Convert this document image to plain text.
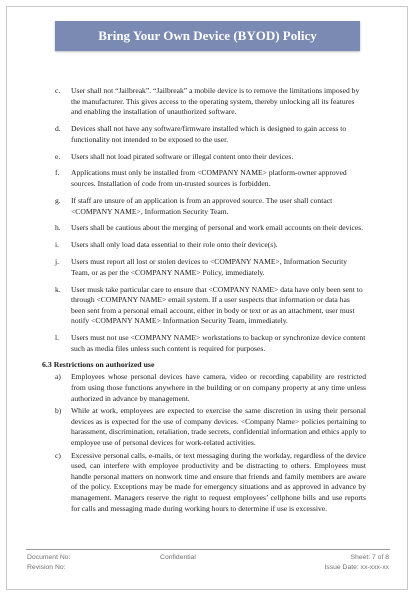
Bring Your Own Device (BYOD) Policy
c.	User shall not “Jailbreak”. “Jailbreak” a mobile device is to remove the limitations imposed by the manufacturer. This gives access to the operating system, thereby unlocking all its features and enabling the installation of unauthorized software.
d.	Devices shall not have any software/firmware installed which is designed to gain access to functionality not intended to be exposed to the user.
e.	Users shall not load pirated software or illegal content onto their devices.
f.	Applications must only be installed from <COMPANY NAME> platform-owner approved sources. Installation of code from un-trusted sources is forbidden.
g.	If staff are unsure of an application is from an approved source. The user shall contact <COMPANY NAME>, Information Security Team.
h.	Users shall be cautious about the merging of personal and work email accounts on their devices.
i.	Users shall only load data essential to their role onto their device(s).
j.	Users must report all lost or stolen devices to <COMPANY NAME>, Information Security Team, or as per the <COMPANY NAME> Policy, immediately.
k.	User musk take particular care to ensure that <COMPANY NAME> data have only been sent to through <COMPANY NAME> email system. If a user suspects that information or data has been sent from a personal email account, either in body or text or as an attachment, user must notify <COMPANY NAME> Information Security Team, immediately.
l.	Users must not use <COMPANY NAME> workstations to backup or synchronize device content such as media files unless such content is required for purposes.
6.3 Restrictions on authorized use
a)	Employees whose personal devices have camera, video or recording capability are restricted from using those functions anywhere in the building or on company property at any time unless authorized in advance by management.
b)	While at work, employees are expected to exercise the same discretion in using their personal devices as is expected for the use of company devices. <Company Name> policies pertaining to harassment, discrimination, retaliation, trade secrets, confidential information and ethics apply to employee use of personal devices for work-related activities.
c)	Excessive personal calls, e-mails, or text messaging during the workday, regardless of the device used, can interfere with employee productivity and be distracting to others. Employees must handle personal matters on nonwork time and ensure that friends and family members are aware of the policy. Exceptions may be made for emergency situations and as approved in advance by management. Managers reserve the right to request employees’ cellphone bills and use reports for calls and messaging made during working hours to determine if use is excessive.
Document No:	Confidential	Sheet: 7 of 8
Revision No:	Issue Date: xx-xxx-xx
